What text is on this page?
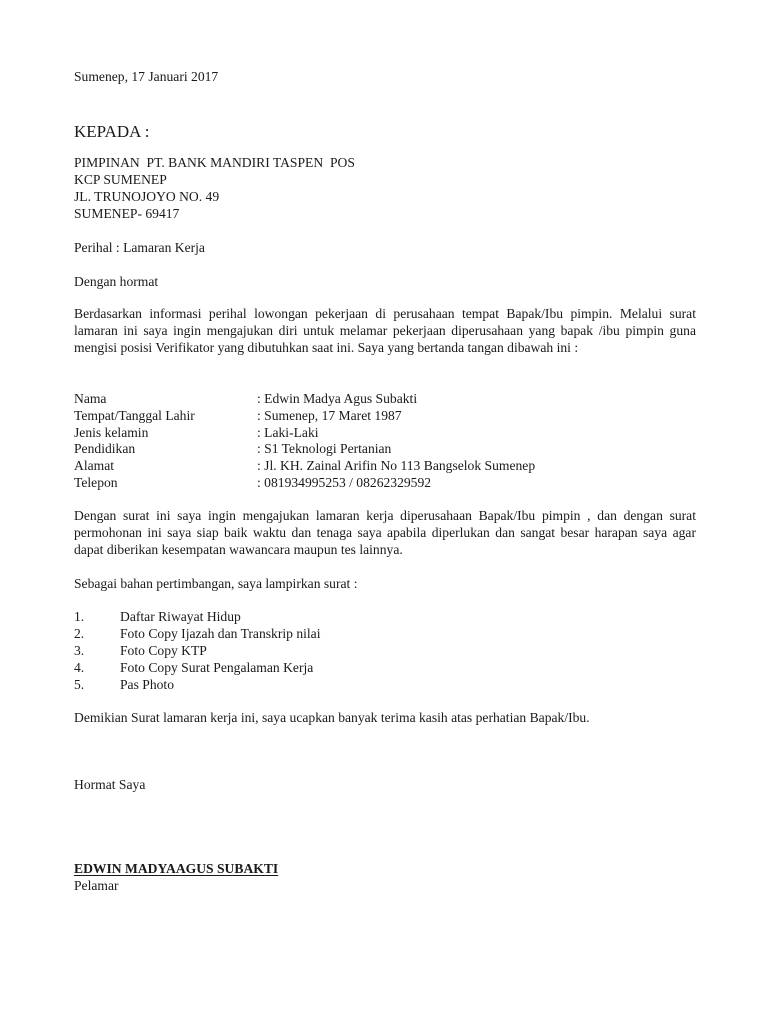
Sumenep, 17 Januari 2017
KEPADA :
PIMPINAN  PT. BANK MANDIRI TASPEN  POS
KCP SUMENEP
JL. TRUNOJOYO NO. 49
SUMENEP- 69417
Perihal : Lamaran Kerja
Dengan hormat
Berdasarkan informasi perihal lowongan pekerjaan di perusahaan tempat Bapak/Ibu pimpin. Melalui surat lamaran ini saya ingin mengajukan diri untuk melamar pekerjaan diperusahaan yang bapak /ibu pimpin guna mengisi posisi Verifikator yang dibutuhkan saat ini. Saya yang bertanda tangan dibawah ini :
Nama	: Edwin Madya Agus Subakti
Tempat/Tanggal Lahir	: Sumenep, 17 Maret 1987
Jenis kelamin	: Laki-Laki
Pendidikan	: S1 Teknologi Pertanian
Alamat	: Jl. KH. Zainal Arifin No 113 Bangselok Sumenep
Telepon	: 081934995253 / 08262329592
Dengan surat ini saya ingin mengajukan lamaran kerja diperusahaan Bapak/Ibu pimpin , dan dengan surat permohonan ini saya siap baik waktu dan tenaga saya apabila diperlukan dan sangat besar harapan saya agar dapat diberikan kesempatan wawancara maupun tes lainnya.
Sebagai bahan pertimbangan, saya lampirkan surat :
1.	Daftar Riwayat Hidup
2.	Foto Copy Ijazah dan Transkrip nilai
3.	Foto Copy KTP
4.	Foto Copy Surat Pengalaman Kerja
5.	Pas Photo
Demikian Surat lamaran kerja ini, saya ucapkan banyak terima kasih atas perhatian Bapak/Ibu.
Hormat Saya
EDWIN MADYAAGUS SUBAKTI
Pelamar
